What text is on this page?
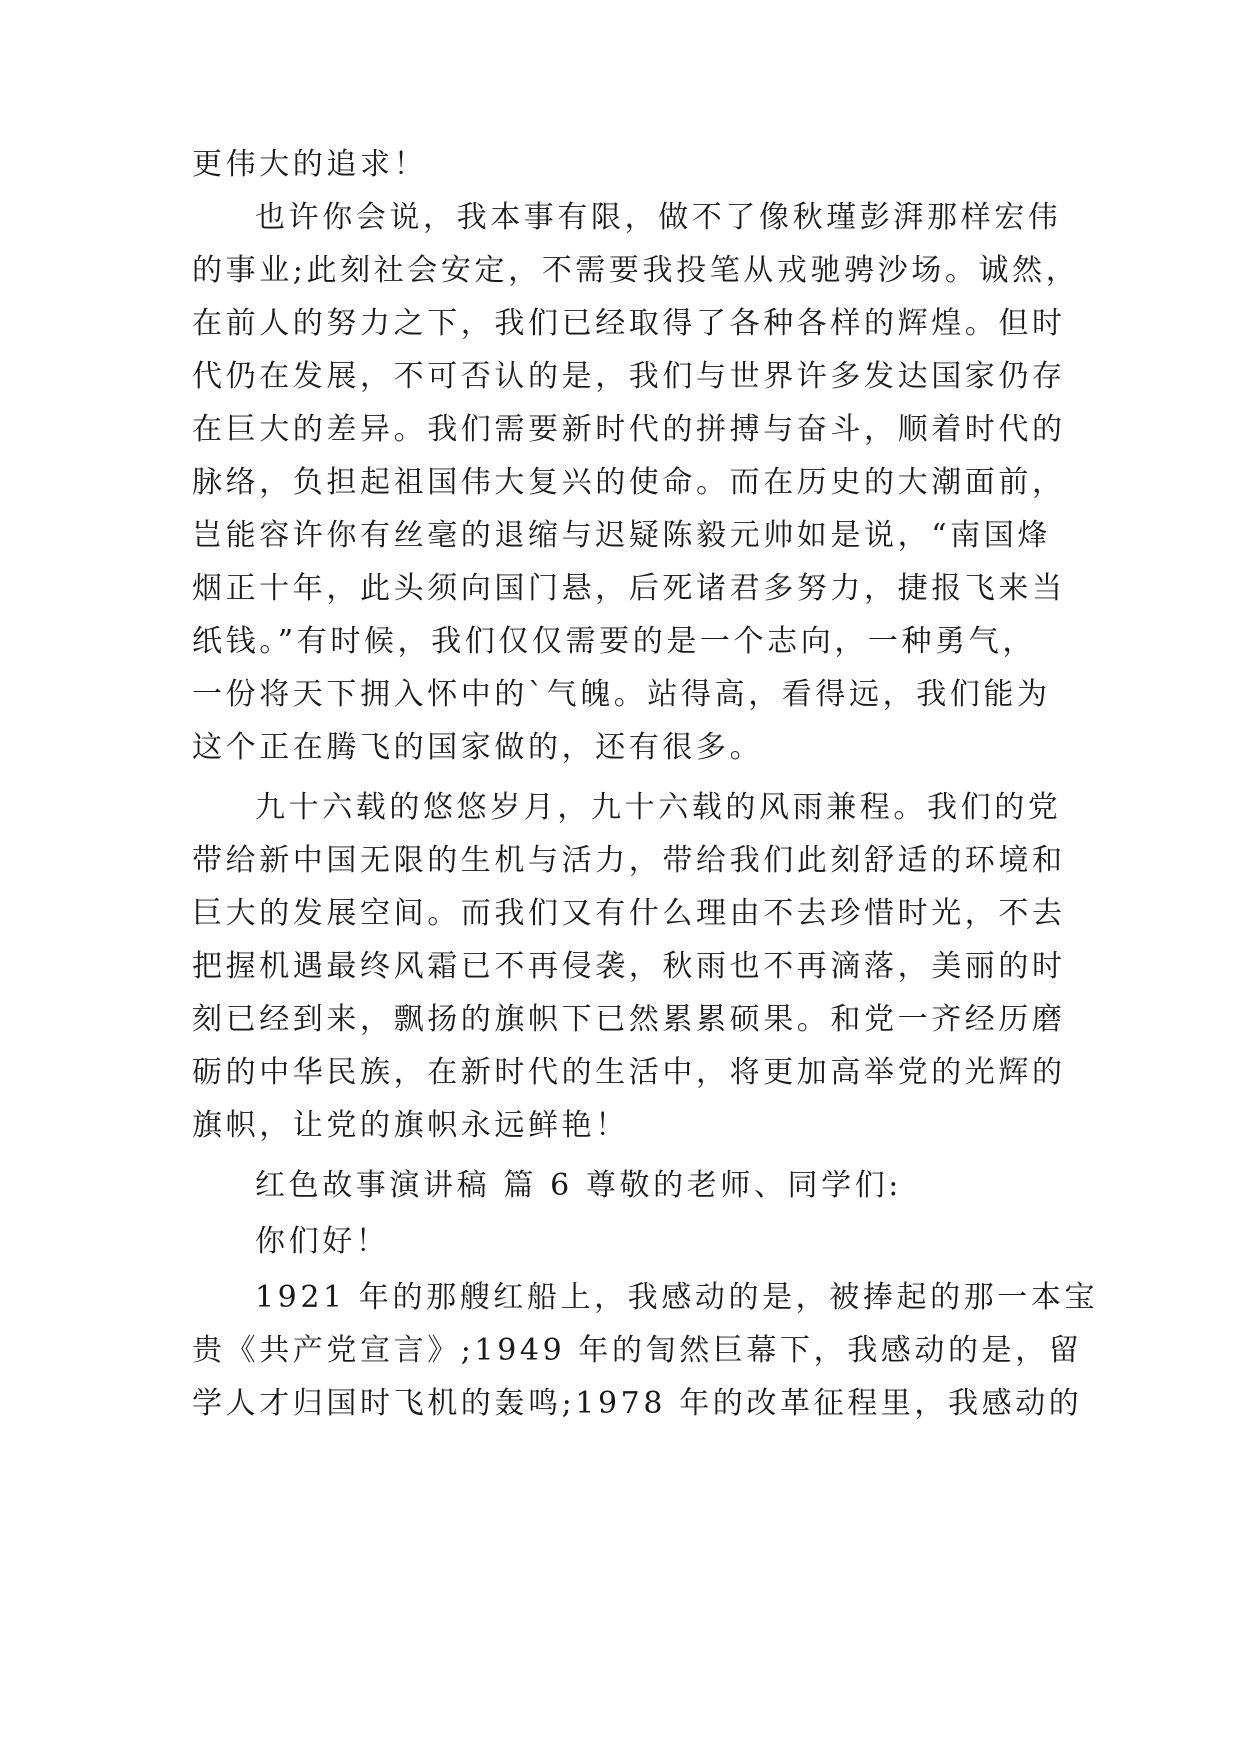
更伟大的追求！
也许你会说，我本事有限，做不了像秋瑾彭湃那样宏伟
的事业;此刻社会安定，不需要我投笔从戎驰骋沙场。诚然，
在前人的努力之下，我们已经取得了各种各样的辉煌。但时
代仍在发展，不可否认的是，我们与世界许多发达国家仍存
在巨大的差异。我们需要新时代的拼搏与奋斗，顺着时代的
脉络，负担起祖国伟大复兴的使命。而在历史的大潮面前，
岂能容许你有丝毫的退缩与迟疑陈毅元帅如是说，“南国烽
烟正十年，此头须向国门悬，后死诸君多努力，捷报飞来当
纸钱。”有时候，我们仅仅需要的是一个志向，一种勇气，
一份将天下拥入怀中的`气魄。站得高，看得远，我们能为
这个正在腾飞的国家做的，还有很多。
九十六载的悠悠岁月，九十六载的风雨兼程。我们的党
带给新中国无限的生机与活力，带给我们此刻舒适的环境和
巨大的发展空间。而我们又有什么理由不去珍惜时光，不去
把握机遇最终风霜已不再侵袭，秋雨也不再滴落，美丽的时
刻已经到来，飘扬的旗帜下已然累累硕果。和党一齐经历磨
砺的中华民族，在新时代的生活中，将更加高举党的光辉的
旗帜，让党的旗帜永远鲜艳！
红色故事演讲稿 篇 6 尊敬的老师、同学们:
你们好！
1921 年的那艘红船上，我感动的是，被捧起的那一本宝
贵《共产党宣言》;1949 年的訇然巨幕下，我感动的是，留
学人才归国时飞机的轰鸣;1978 年的改革征程里，我感动的
